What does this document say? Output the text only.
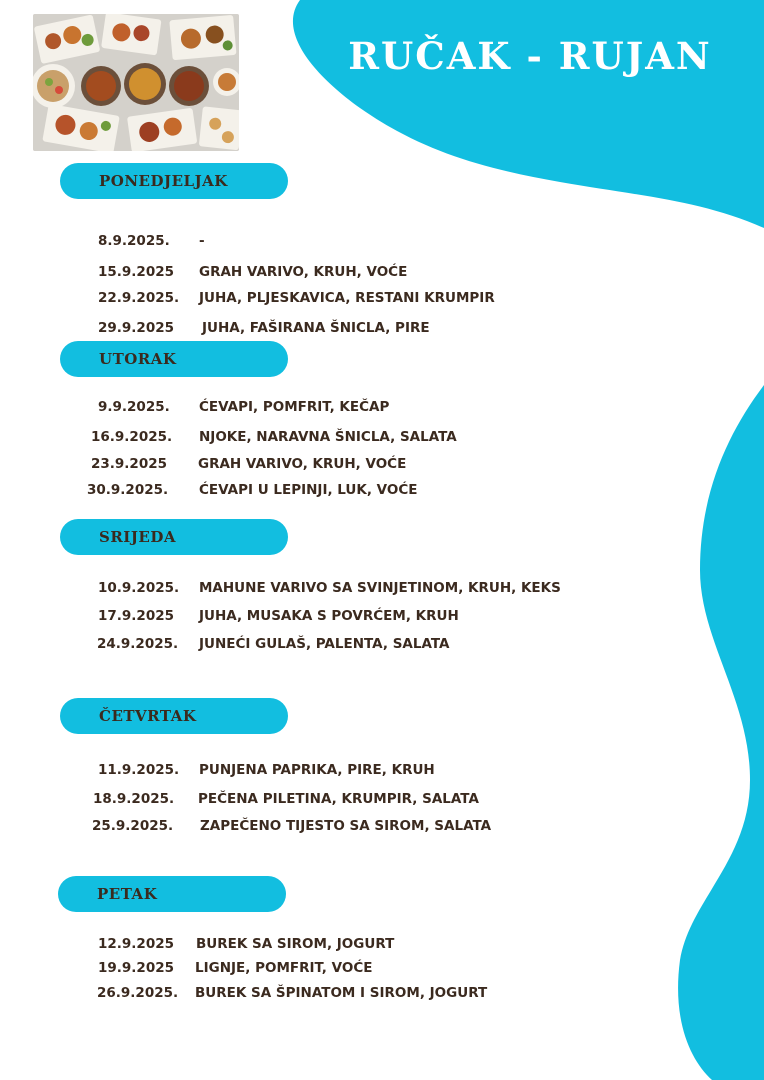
RUČAK - RUJAN
PONEDJELJAK
8.9.2025. -
15.9.2025 GRAH VARIVO, KRUH, VOĆE
22.9.2025. JUHA, PLJESKAVICA, RESTANI KRUMPIR
29.9.2025 JUHA, FAŠIRANA ŠNICLA, PIRE
UTORAK
9.9.2025. ĆEVAPI, POMFRIT, KEČAP
16.9.2025. NJOKE, NARAVNA ŠNICLA, SALATA
23.9.2025 GRAH VARIVO, KRUH, VOĆE
30.9.2025. ĆEVAPI U LEPINJI, LUK, VOĆE
SRIJEDA
10.9.2025. MAHUNE VARIVO SA SVINJETINOM, KRUH, KEKS
17.9.2025 JUHA, MUSAKA S POVRĆEM, KRUH
24.9.2025. JUNEĆI GULAŠ, PALENTA, SALATA
ČETVRTAK
11.9.2025. PUNJENA PAPRIKA, PIRE, KRUH
18.9.2025. PEČENA PILETINA, KRUMPIR, SALATA
25.9.2025. ZAPEČENO TIJESTO SA SIROM, SALATA
PETAK
12.9.2025 BUREK SA SIROM, JOGURT
19.9.2025 LIGNJE, POMFRIT, VOĆE
26.9.2025. BUREK SA ŠPINATOM I SIROM, JOGURT
